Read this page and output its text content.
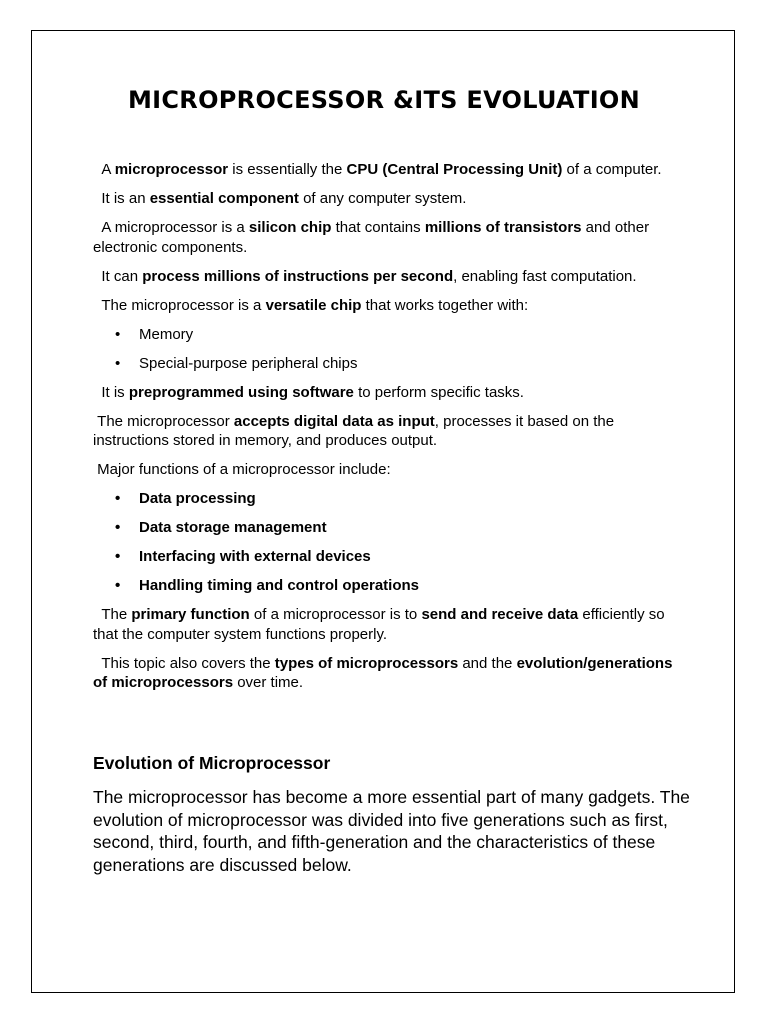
MICROPROCESSOR &ITS EVOLUATION

A microprocessor is essentially the CPU (Central Processing Unit) of a computer.

It is an essential component of any computer system.

A microprocessor is a silicon chip that contains millions of transistors and other electronic components.

It can process millions of instructions per second, enabling fast computation.

The microprocessor is a versatile chip that works together with:

• Memory
• Special-purpose peripheral chips

It is preprogrammed using software to perform specific tasks.

The microprocessor accepts digital data as input, processes it based on the instructions stored in memory, and produces output.

Major functions of a microprocessor include:

• Data processing
• Data storage management
• Interfacing with external devices
• Handling timing and control operations

The primary function of a microprocessor is to send and receive data efficiently so that the computer system functions properly.

This topic also covers the types of microprocessors and the evolution/generations of microprocessors over time.

Evolution of Microprocessor

The microprocessor has become a more essential part of many gadgets. The evolution of microprocessor was divided into five generations such as first, second, third, fourth, and fifth-generation and the characteristics of these generations are discussed below.
